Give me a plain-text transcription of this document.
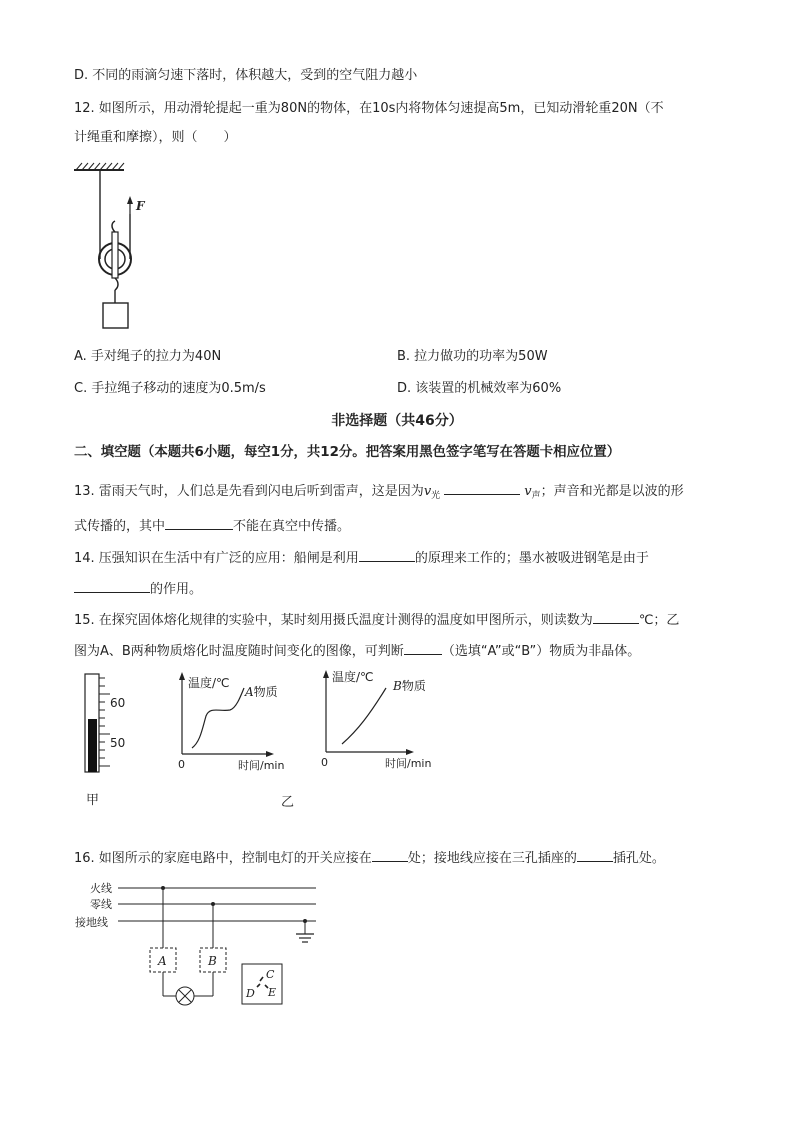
D. 不同的雨滴匀速下落时，体积越大，受到的空气阻力越小
12. 如图所示，用动滑轮提起一重为80N的物体，在10s内将物体匀速提高5m，已知动滑轮重20N（不
计绳重和摩擦），则（　　）
F
A. 手对绳子的拉力为40N	B. 拉力做功的功率为50W
C. 手拉绳子移动的速度为0.5m/s	D. 该装置的机械效率为60%
非选择题（共46分）
二、填空题（本题共6小题，每空1分，共12分。把答案用黑色签字笔写在答题卡相应位置）
13. 雷雨天气时，人们总是先看到闪电后听到雷声，这是因为$v_光$	$v_声$；声音和光都是以波的形
式传播的，其中	不能在真空中传播。
14. 压强知识在生活中有广泛的应用：船闸是利用	的原理来工作的；墨水被吸进钢笔是由于
的作用。
15. 在探究固体熔化规律的实验中，某时刻用摄氏温度计测得的温度如甲图所示，则读数为	℃；乙
图为A、B两种物质熔化时温度随时间变化的图像，可判断	（选填“A”或“B”）物质为非晶体。
60
50
温度/℃
A物质
0	时间/min
温度/℃
B物质
0	时间/min
甲	乙
16. 如图所示的家庭电路中，控制电灯的开关应接在	处；接地线应接在三孔插座的	插孔处。
火线
零线
接地线
A	B
C
D E
